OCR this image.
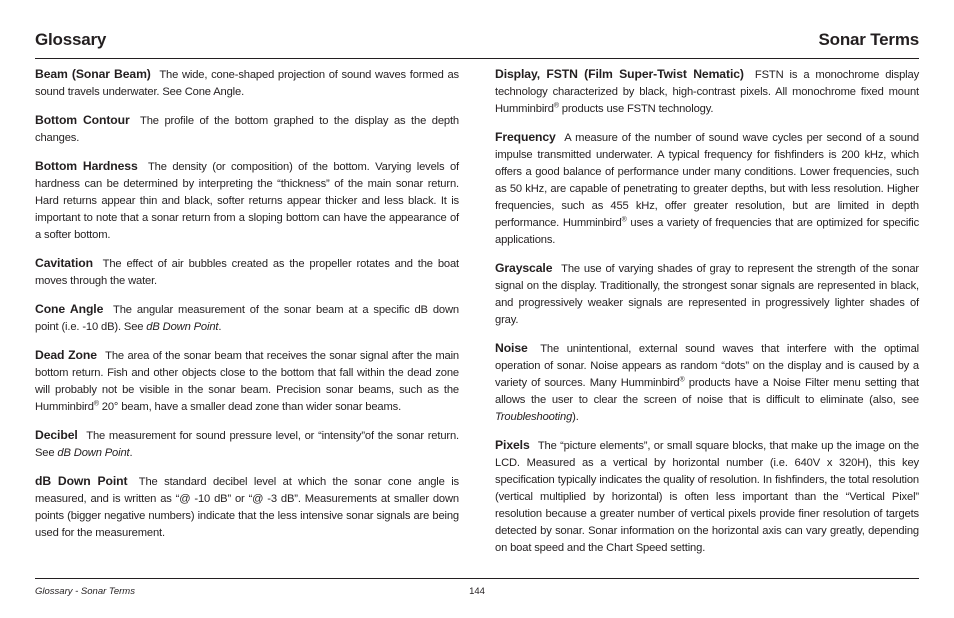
Glossary	Sonar Terms

Beam (Sonar Beam) The wide, cone-shaped projection of sound waves formed as sound travels underwater. See Cone Angle.

Bottom Contour The profile of the bottom graphed to the display as the depth changes.

Bottom Hardness The density (or composition) of the bottom. Varying levels of hardness can be determined by interpreting the “thickness” of the main sonar return. Hard returns appear thin and black, softer returns appear thicker and less black. It is important to note that a sonar return from a sloping bottom can have the appearance of a softer bottom.

Cavitation The effect of air bubbles created as the propeller rotates and the boat moves through the water.

Cone Angle The angular measurement of the sonar beam at a specific dB down point (i.e. -10 dB). See dB Down Point.

Dead Zone The area of the sonar beam that receives the sonar signal after the main bottom return. Fish and other objects close to the bottom that fall within the dead zone will probably not be visible in the sonar beam. Precision sonar beams, such as the Humminbird® 20° beam, have a smaller dead zone than wider sonar beams.

Decibel The measurement for sound pressure level, or “intensity”of the sonar return. See dB Down Point.

dB Down Point The standard decibel level at which the sonar cone angle is measured, and is written as “@ -10 dB” or “@ -3 dB”. Measurements at smaller down points (bigger negative numbers) indicate that the less intensive sonar signals are being used for the measurement.

Display, FSTN (Film Super-Twist Nematic) FSTN is a monochrome display technology characterized by black, high-contrast pixels. All monochrome fixed mount Humminbird® products use FSTN technology.

Frequency A measure of the number of sound wave cycles per second of a sound impulse transmitted underwater. A typical frequency for fishfinders is 200 kHz, which offers a good balance of performance under many conditions. Lower frequencies, such as 50 kHz, are capable of penetrating to greater depths, but with less resolution. Higher frequencies, such as 455 kHz, offer greater resolution, but are limited in depth performance. Humminbird® uses a variety of frequencies that are optimized for specific applications.

Grayscale The use of varying shades of gray to represent the strength of the sonar signal on the display. Traditionally, the strongest sonar signals are represented in black, and progressively weaker signals are represented in progressively lighter shades of gray.

Noise The unintentional, external sound waves that interfere with the optimal operation of sonar. Noise appears as random “dots” on the display and is caused by a variety of sources. Many Humminbird® products have a Noise Filter menu setting that allows the user to clear the screen of noise that is difficult to eliminate (also, see Troubleshooting).

Pixels The “picture elements”, or small square blocks, that make up the image on the LCD. Measured as a vertical by horizontal number (i.e. 640V x 320H), this key specification typically indicates the quality of resolution. In fishfinders, the total resolution (vertical multiplied by horizontal) is often less important than the “Vertical Pixel” resolution because a greater number of vertical pixels provide finer resolution of targets detected by sonar. Sonar information on the horizontal axis can vary greatly, depending on boat speed and the Chart Speed setting.

Glossary - Sonar Terms	144
